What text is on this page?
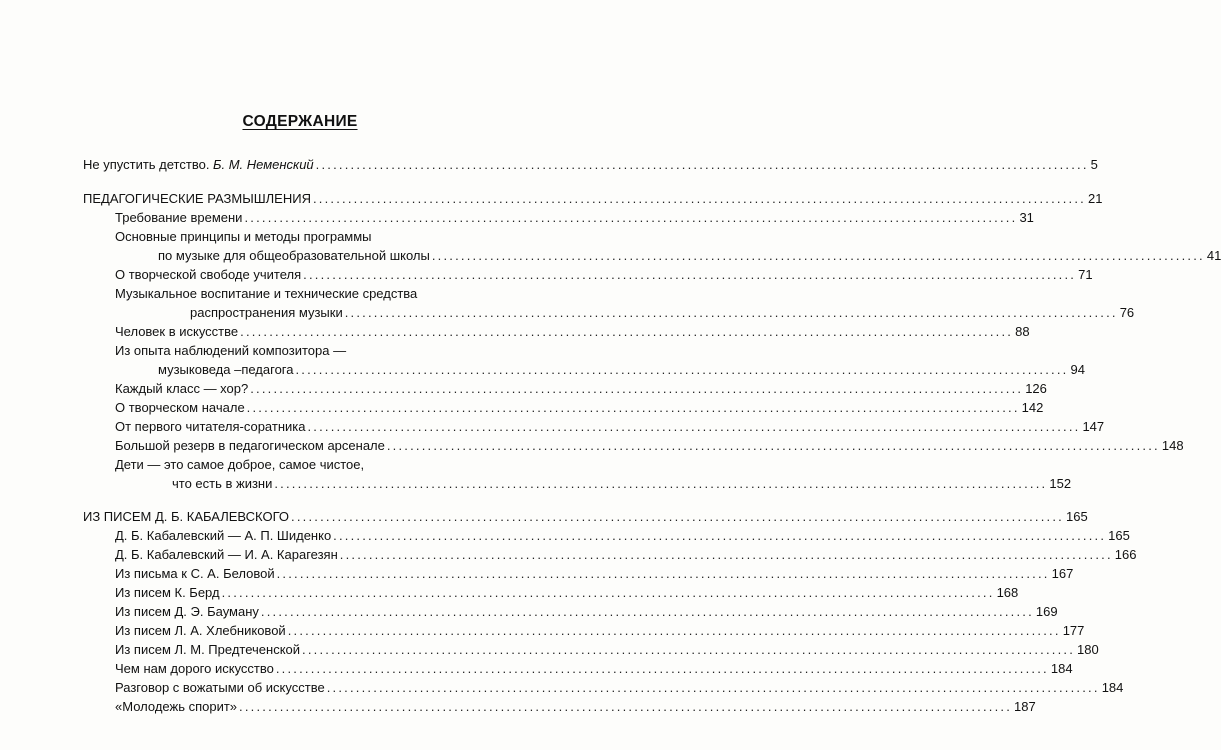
СОДЕРЖАНИЕ
Не упустить детство. Б. М. Неменский ..................................................................................................................................... 5
ПЕДАГОГИЧЕСКИЕ РАЗМЫШЛЕНИЯ ..................................................................................................................................... 21
Требование времени ..................................................................................................................................... 31
Основные принципы и методы программы
по музыке для общеобразовательной школы ..................................................................................................................................... 41
О творческой свободе учителя ..................................................................................................................................... 71
Музыкальное воспитание и технические средства
распространения музыки ..................................................................................................................................... 76
Человек в искусстве ..................................................................................................................................... 88
Из опыта наблюдений композитора —
музыковеда –педагога ..................................................................................................................................... 94
Каждый класс — хор? ..................................................................................................................................... 126
О творческом начале ..................................................................................................................................... 142
От первого читателя-соратника ..................................................................................................................................... 147
Большой резерв в педагогическом арсенале ..................................................................................................................................... 148
Дети — это самое доброе, самое чистое,
что есть в жизни ..................................................................................................................................... 152
ИЗ ПИСЕМ Д. Б. КАБАЛЕВСКОГО ..................................................................................................................................... 165
Д. Б. Кабалевский — А. П. Шиденко ..................................................................................................................................... 165
Д. Б. Кабалевский — И. А. Карагезян ..................................................................................................................................... 166
Из письма к С. А. Беловой ..................................................................................................................................... 167
Из писем К. Берд ..................................................................................................................................... 168
Из писем Д. Э. Бауману ..................................................................................................................................... 169
Из писем Л. А. Хлебниковой ..................................................................................................................................... 177
Из писем Л. М. Предтеченской ..................................................................................................................................... 180
Чем нам дорого искусство ..................................................................................................................................... 184
Разговор с вожатыми об искусстве ..................................................................................................................................... 184
«Молодежь спорит» ..................................................................................................................................... 187
